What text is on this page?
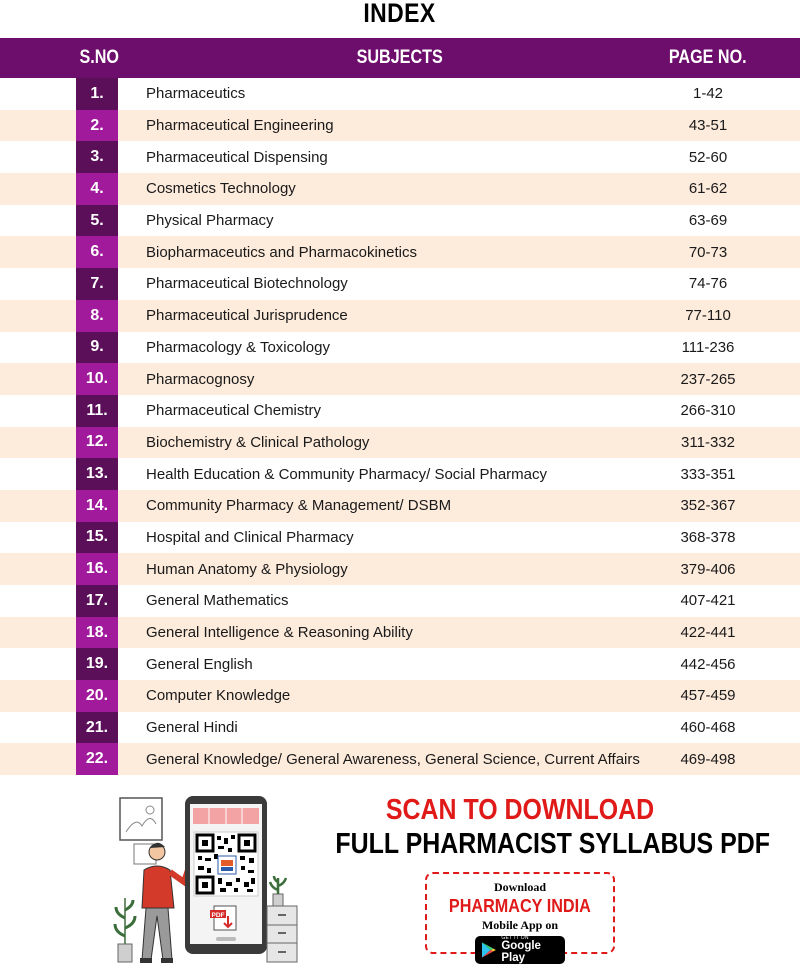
INDEX
S.NO	SUBJECTS	PAGE NO.
1.	Pharmaceutics	1-42
2.	Pharmaceutical Engineering	43-51
3.	Pharmaceutical Dispensing	52-60
4.	Cosmetics Technology	61-62
5.	Physical Pharmacy	63-69
6.	Biopharmaceutics and Pharmacokinetics	70-73
7.	Pharmaceutical Biotechnology	74-76
8.	Pharmaceutical Jurisprudence	77-110
9.	Pharmacology & Toxicology	111-236
10.	Pharmacognosy	237-265
11.	Pharmaceutical Chemistry	266-310
12.	Biochemistry & Clinical Pathology	311-332
13.	Health Education & Community Pharmacy/ Social Pharmacy	333-351
14.	Community Pharmacy & Management/ DSBM	352-367
15.	Hospital and Clinical Pharmacy	368-378
16.	Human Anatomy & Physiology	379-406
17.	General Mathematics	407-421
18.	General Intelligence & Reasoning Ability	422-441
19.	General English	442-456
20.	Computer Knowledge	457-459
21.	General Hindi	460-468
22.	General Knowledge/ General Awareness, General Science, Current Affairs	469-498
PDF
SCAN TO DOWNLOAD
FULL PHARMACIST SYLLABUS PDF
Download
PHARMACY INDIA
Mobile App on
GET IT ON
Google Play
